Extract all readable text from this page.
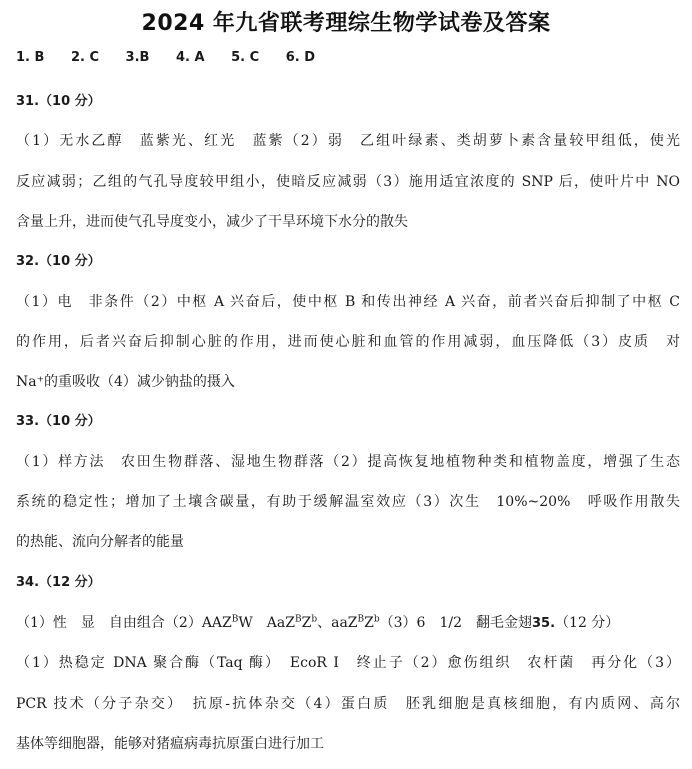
2024 年九省联考理综生物学试卷及答案
1. B 2. C 3.B 4. A 5. C 6. D
31.（10 分）
（1）无水乙醇　蓝紫光、红光　蓝紫（2）弱　乙组叶绿素、类胡萝卜素含量较甲组低，使光
反应减弱；乙组的气孔导度较甲组小，使暗反应减弱（3）施用适宜浓度的 SNP 后，使叶片中 NO
含量上升，进而使气孔导度变小，减少了干旱环境下水分的散失
32.（10 分）
（1）电　非条件（2）中枢 A 兴奋后，使中枢 B 和传出神经 A 兴奋，前者兴奋后抑制了中枢 C
的作用，后者兴奋后抑制心脏的作用，进而使心脏和血管的作用减弱，血压降低（3）皮质　对
Na⁺的重吸收（4）减少钠盐的摄入
33.（10 分）
（1）样方法　农田生物群落、湿地生物群落（2）提高恢复地植物种类和植物盖度，增强了生态
系统的稳定性；增加了土壤含碳量，有助于缓解温室效应（3）次生　10%~20%　呼吸作用散失
的热能、流向分解者的能量
34.（12 分）
（1）性　显　自由组合$(2)AAZ^BW$　$AaZ^BZ^b$、$aaZ^BZ^b(3)6$　1/2　翻毛金翅35.（12 分）
（1）热稳定 DNA 聚合酶（Taq 酶）　EcoR I　终止子（2）愈伤组织　农杆菌　再分化（3）
PCR 技术（分子杂交）　抗原-抗体杂交（4）蛋白质　胚乳细胞是真核细胞，有内质网、高尔
基体等细胞器，能够对猪瘟病毒抗原蛋白进行加工
